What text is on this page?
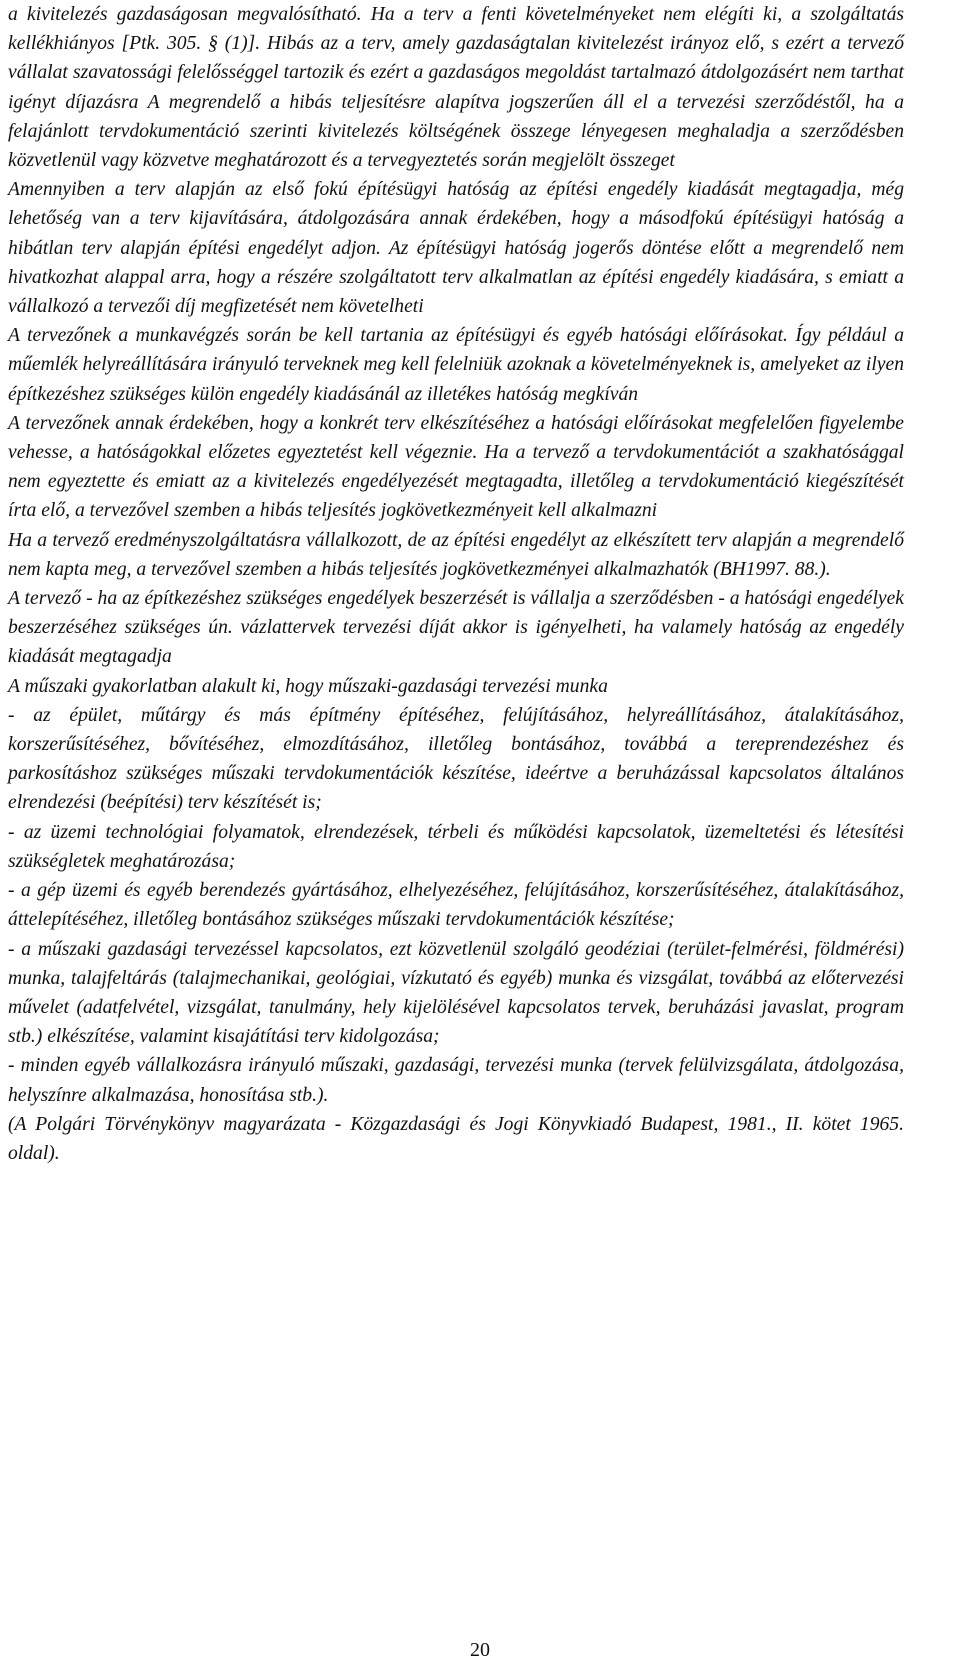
a kivitelezés gazdaságosan megvalósítható. Ha a terv a fenti követelményeket nem elégíti ki, a szolgáltatás kellékhiányos [Ptk. 305. § (1)]. Hibás az a terv, amely gazdaságtalan kivitelezést irányoz elő, s ezért a tervező vállalat szavatossági felelősséggel tartozik és ezért a gazdaságos megoldást tartalmazó átdolgozásért nem tarthat igényt díjazásra A megrendelő a hibás teljesítésre alapítva jogszerűen áll el a tervezési szerződéstől, ha a felajánlott tervdokumentáció szerinti kivitelezés költségének összege lényegesen meghaladja a szerződésben közvetlenül vagy közvetve meghatározott és a tervegyeztetés során megjelölt összeget

Amennyiben a terv alapján az első fokú építésügyi hatóság az építési engedély kiadását megtagadja, még lehetőség van a terv kijavítására, átdolgozására annak érdekében, hogy a másodfokú építésügyi hatóság a hibátlan terv alapján építési engedélyt adjon. Az építésügyi hatóság jogerős döntése előtt a megrendelő nem hivatkozhat alappal arra, hogy a részére szolgáltatott terv alkalmatlan az építési engedély kiadására, s emiatt a vállalkozó a tervezői díj megfizetését nem követelheti

A tervezőnek a munkavégzés során be kell tartania az építésügyi és egyéb hatósági előírásokat. Így például a műemlék helyreállítására irányuló terveknek meg kell felelniük azoknak a követelményeknek is, amelyeket az ilyen építkezéshez szükséges külön engedély kiadásánál az illetékes hatóság megkíván

A tervezőnek annak érdekében, hogy a konkrét terv elkészítéséhez a hatósági előírásokat megfelelően figyelembe vehesse, a hatóságokkal előzetes egyeztetést kell végeznie. Ha a tervező a tervdokumentációt a szakhatósággal nem egyeztette és emiatt az a kivitelezés engedélyezését megtagadta, illetőleg a tervdokumentáció kiegészítését írta elő, a tervezővel szemben a hibás teljesítés jogkövetkezményeit kell alkalmazni

Ha a tervező eredményszolgáltatásra vállalkozott, de az építési engedélyt az elkészített terv alapján a megrendelő nem kapta meg, a tervezővel szemben a hibás teljesítés jogkövetkezményei alkalmazhatók (BH1997. 88.).

A tervező - ha az építkezéshez szükséges engedélyek beszerzését is vállalja a szerződésben - a hatósági engedélyek beszerzéséhez szükséges ún. vázlattervek tervezési díját akkor is igényelheti, ha valamely hatóság az engedély kiadását megtagadja

A műszaki gyakorlatban alakult ki, hogy műszaki-gazdasági tervezési munka

- az épület, műtárgy és más építmény építéséhez, felújításához, helyreállításához, átalakításához, korszerűsítéséhez, bővítéséhez, elmozdításához, illetőleg bontásához, továbbá a tereprendezéshez és parkosításhoz szükséges műszaki tervdokumentációk készítése, ideértve a beruházással kapcsolatos általános elrendezési (beépítési) terv készítését is;

- az üzemi technológiai folyamatok, elrendezések, térbeli és működési kapcsolatok, üzemeltetési és létesítési szükségletek meghatározása;

- a gép üzemi és egyéb berendezés gyártásához, elhelyezéséhez, felújításához, korszerűsítéséhez, átalakításához, áttelepítéséhez, illetőleg bontásához szükséges műszaki tervdokumentációk készítése;

- a műszaki gazdasági tervezéssel kapcsolatos, ezt közvetlenül szolgáló geodéziai (terület-felmérési, földmérési) munka, talajfeltárás (talajmechanikai, geológiai, vízkutató és egyéb) munka és vizsgálat, továbbá az előtervezési művelet (adatfelvétel, vizsgálat, tanulmány, hely kijelölésével kapcsolatos tervek, beruházási javaslat, program stb.) elkészítése, valamint kisajátítási terv kidolgozása;

- minden egyéb vállalkozásra irányuló műszaki, gazdasági, tervezési munka (tervek felülvizsgálata, átdolgozása, helyszínre alkalmazása, honosítása stb.).

(A Polgári Törvénykönyv magyarázata - Közgazdasági és Jogi Könyvkiadó Budapest, 1981., II. kötet 1965. oldal).

20
